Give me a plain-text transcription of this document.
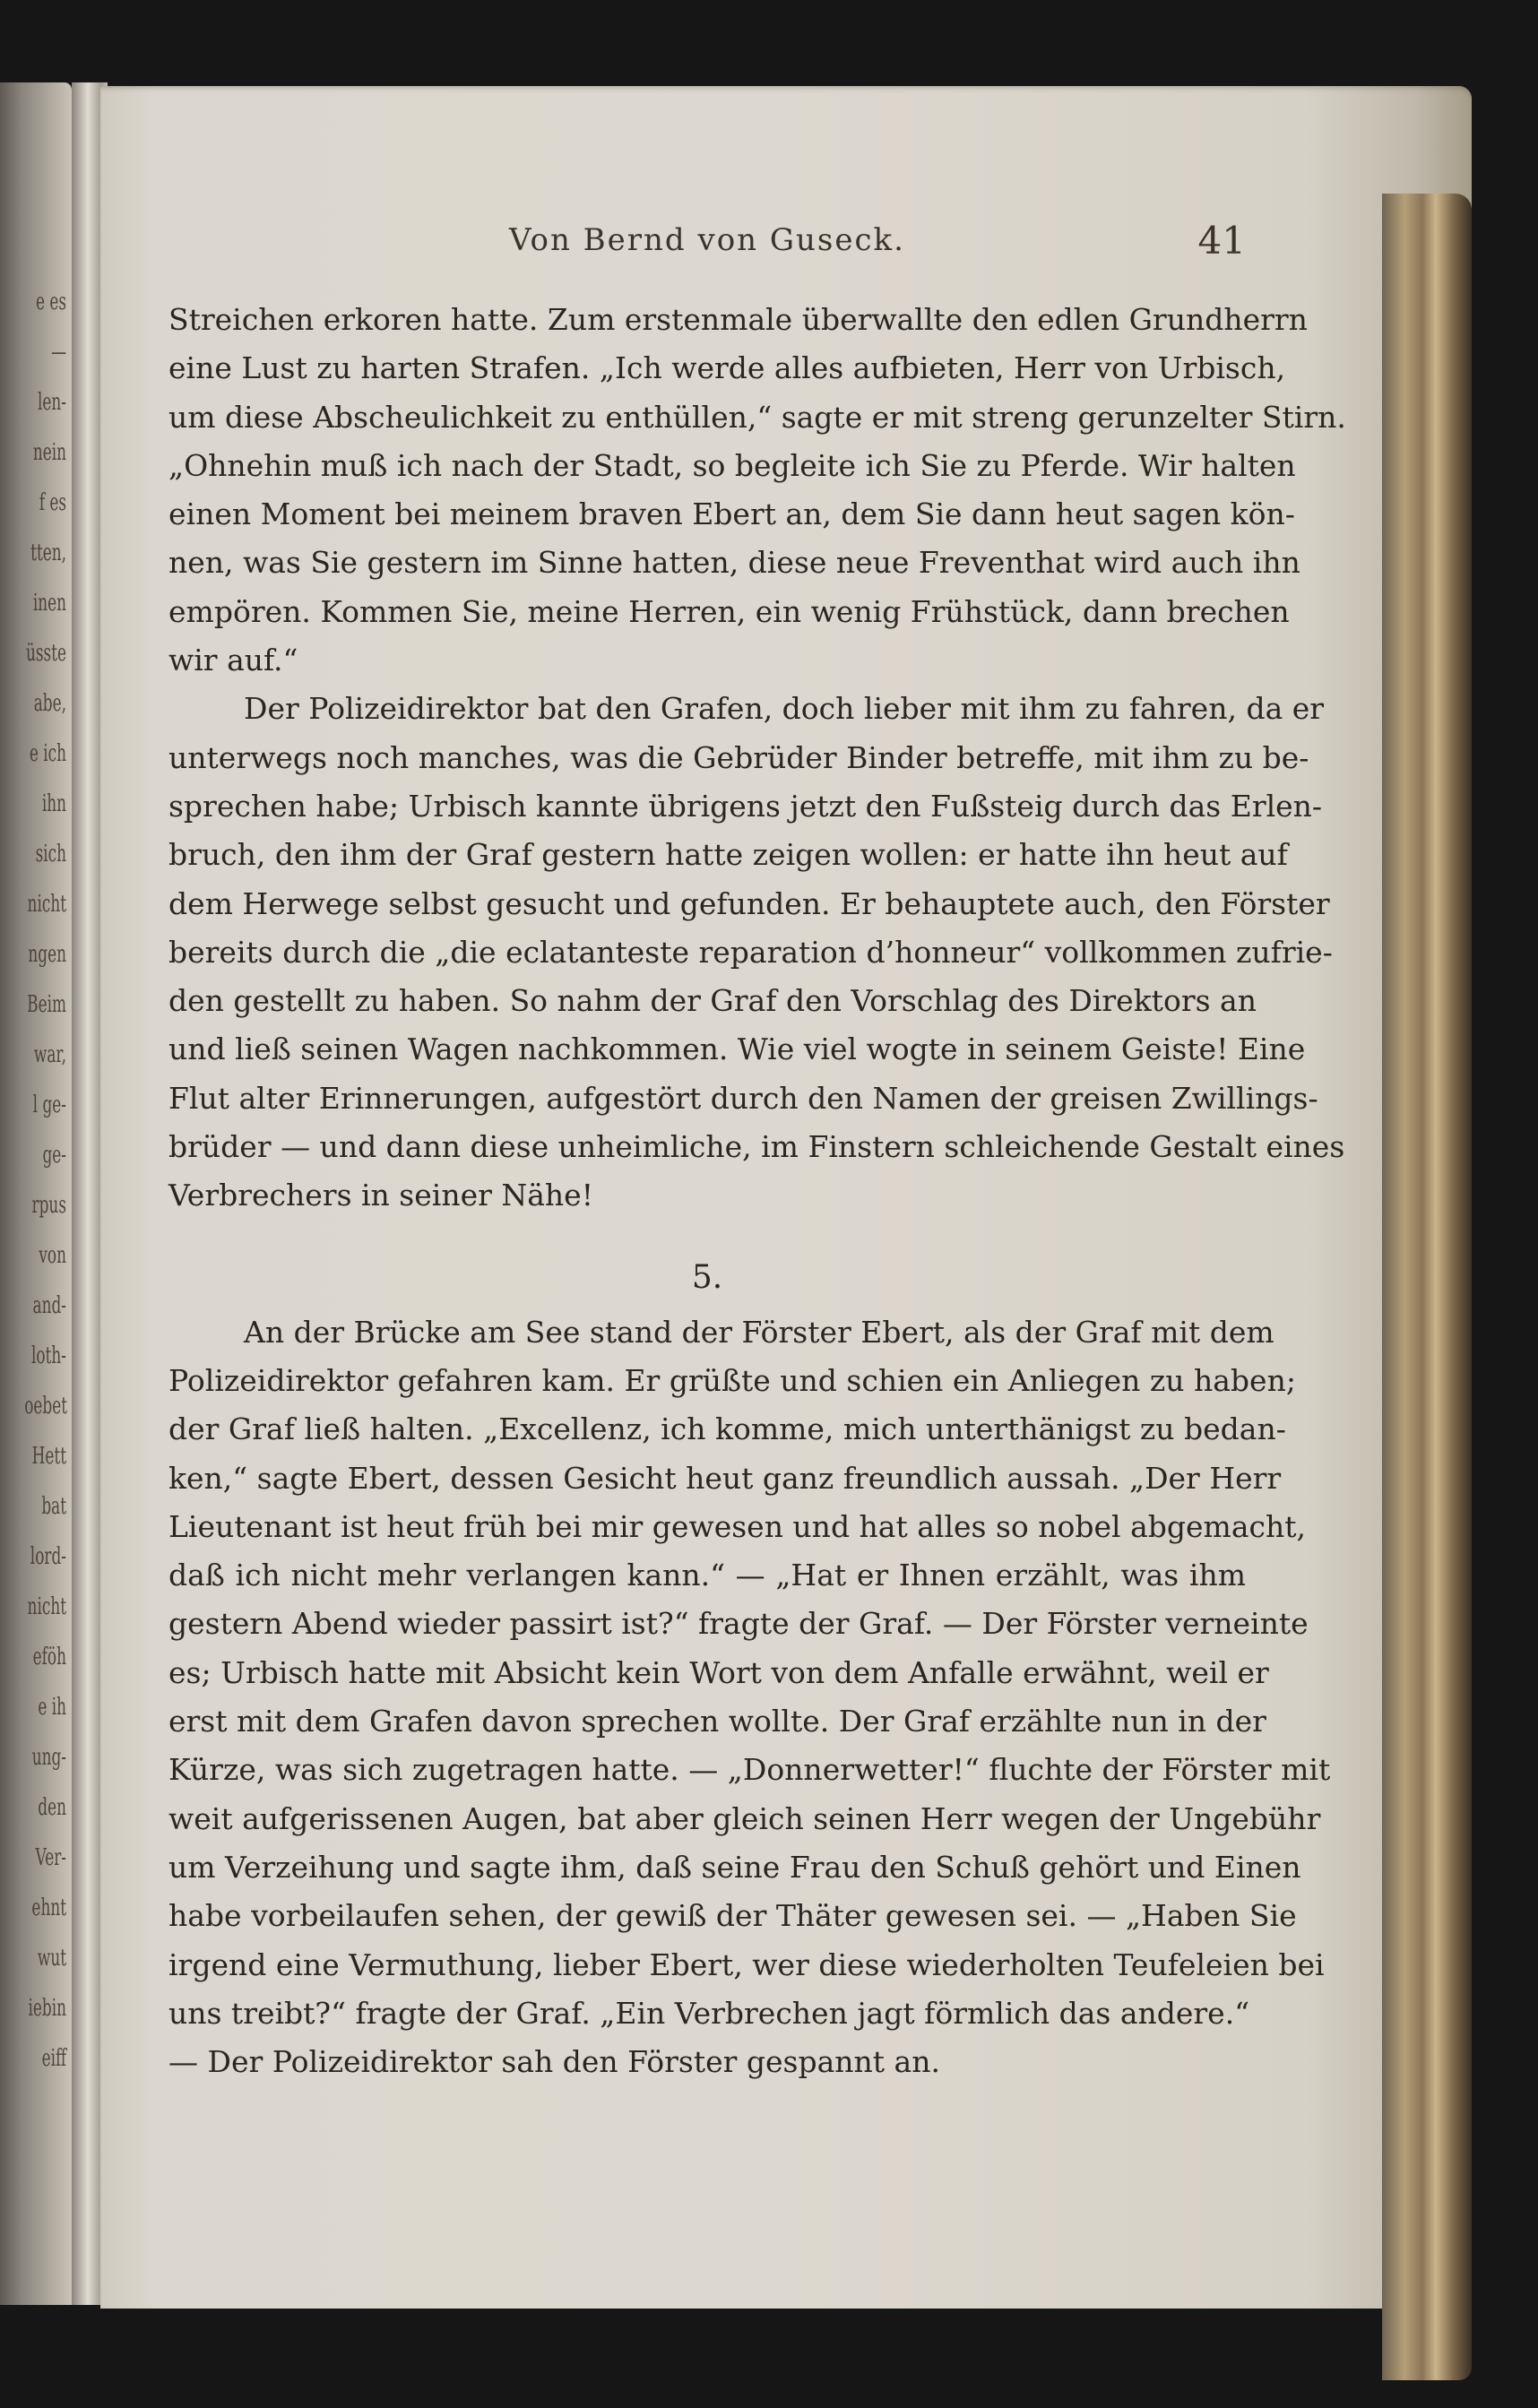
e es
—
len-
nein
f es
tten,
inen
üsste
abe,
e ich
ihn
sich
nicht
ngen
Beim
war,
l ge-
ge-
rpus
von
and-
loth-
oebet
Hett
bat
lord-
nicht
eföh
e ih
ung-
den
Ver-
ehnt
wut
iebin
eiff
Von Bernd von Guseck.	41

Streichen erkoren hatte. Zum erstenmale überwallte den edlen Grundherrn
eine Lust zu harten Strafen. „Ich werde alles aufbieten, Herr von Urbisch,
um diese Abscheulichkeit zu enthüllen,“ sagte er mit streng gerunzelter Stirn.
„Ohnehin muß ich nach der Stadt, so begleite ich Sie zu Pferde. Wir halten
einen Moment bei meinem braven Ebert an, dem Sie dann heut sagen kön-
nen, was Sie gestern im Sinne hatten, diese neue Freventhat wird auch ihn
empören. Kommen Sie, meine Herren, ein wenig Frühstück, dann brechen
wir auf.“

Der Polizeidirektor bat den Grafen, doch lieber mit ihm zu fahren, da er
unterwegs noch manches, was die Gebrüder Binder betreffe, mit ihm zu be-
sprechen habe; Urbisch kannte übrigens jetzt den Fußsteig durch das Erlen-
bruch, den ihm der Graf gestern hatte zeigen wollen: er hatte ihn heut auf
dem Herwege selbst gesucht und gefunden. Er behauptete auch, den Förster
bereits durch die „die eclatanteste reparation d’honneur“ vollkommen zufrie-
den gestellt zu haben. So nahm der Graf den Vorschlag des Direktors an
und ließ seinen Wagen nachkommen. Wie viel wogte in seinem Geiste! Eine
Flut alter Erinnerungen, aufgestört durch den Namen der greisen Zwillings-
brüder — und dann diese unheimliche, im Finstern schleichende Gestalt eines
Verbrechers in seiner Nähe!

5.

An der Brücke am See stand der Förster Ebert, als der Graf mit dem
Polizeidirektor gefahren kam. Er grüßte und schien ein Anliegen zu haben;
der Graf ließ halten. „Excellenz, ich komme, mich unterthänigst zu bedan-
ken,“ sagte Ebert, dessen Gesicht heut ganz freundlich aussah. „Der Herr
Lieutenant ist heut früh bei mir gewesen und hat alles so nobel abgemacht,
daß ich nicht mehr verlangen kann.“ — „Hat er Ihnen erzählt, was ihm
gestern Abend wieder passirt ist?“ fragte der Graf. — Der Förster verneinte
es; Urbisch hatte mit Absicht kein Wort von dem Anfalle erwähnt, weil er
erst mit dem Grafen davon sprechen wollte. Der Graf erzählte nun in der
Kürze, was sich zugetragen hatte. — „Donnerwetter!“ fluchte der Förster mit
weit aufgerissenen Augen, bat aber gleich seinen Herr wegen der Ungebühr
um Verzeihung und sagte ihm, daß seine Frau den Schuß gehört und Einen
habe vorbeilaufen sehen, der gewiß der Thäter gewesen sei. — „Haben Sie
irgend eine Vermuthung, lieber Ebert, wer diese wiederholten Teufeleien bei
uns treibt?“ fragte der Graf. „Ein Verbrechen jagt förmlich das andere.“
— Der Polizeidirektor sah den Förster gespannt an.
